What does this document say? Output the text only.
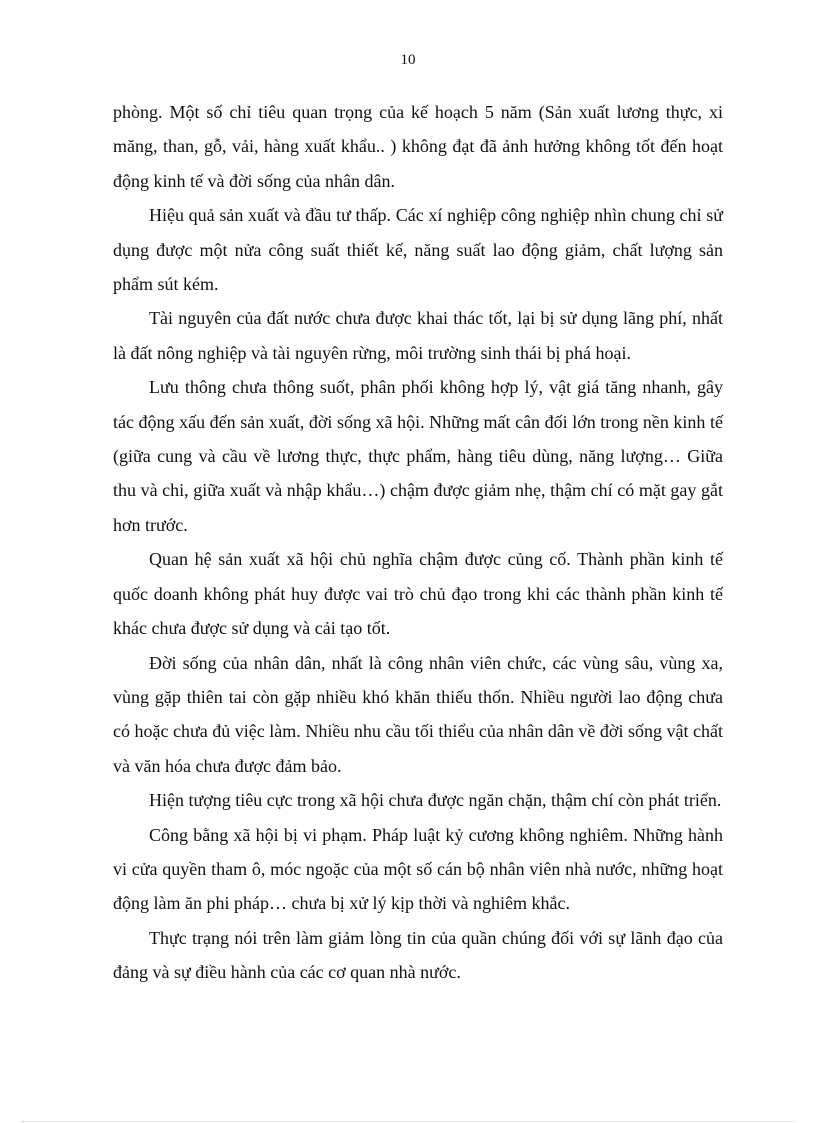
10

phòng. Một số chỉ tiêu quan trọng của kế hoạch 5 năm (Sản xuất lương thực, xi măng, than, gỗ, vải, hàng xuất khẩu.. ) không đạt đã ảnh hưởng không tốt đến hoạt động kinh tế và đời sống của nhân dân.

Hiệu quả sản xuất và đầu tư thấp. Các xí nghiệp công nghiệp nhìn chung chỉ sử dụng được một nửa công suất thiết kế, năng suất lao động giảm, chất lượng sản phẩm sút kém.

Tài nguyên của đất nước chưa được khai thác tốt, lại bị sử dụng lãng phí, nhất là đất nông nghiệp và tài nguyên rừng, môi trường sinh thái bị phá hoại.

Lưu thông chưa thông suốt, phân phối không hợp lý, vật giá tăng nhanh, gây tác động xấu đến sản xuất, đời sống xã hội. Những mất cân đối lớn trong nền kinh tế (giữa cung và cầu về lương thực, thực phẩm, hàng tiêu dùng, năng lượng… Giữa thu và chi, giữa xuất và nhập khẩu…) chậm được giảm nhẹ, thậm chí có mặt gay gắt hơn trước.

Quan hệ sản xuất xã hội chủ nghĩa chậm được củng cố. Thành phần kinh tế quốc doanh không phát huy được vai trò chủ đạo trong khi các thành phần kinh tế khác chưa được sử dụng và cải tạo tốt.

Đời sống của nhân dân, nhất là công nhân viên chức, các vùng sâu, vùng xa, vùng gặp thiên tai còn gặp nhiều khó khăn thiếu thốn. Nhiều người lao động chưa có hoặc chưa đủ việc làm. Nhiều nhu cầu tối thiểu của nhân dân về đời sống vật chất và văn hóa chưa được đảm bảo.

Hiện tượng tiêu cực trong xã hội chưa được ngăn chặn, thậm chí còn phát triển.

Công bằng xã hội bị vi phạm. Pháp luật kỷ cương không nghiêm. Những hành vi cửa quyền tham ô, móc ngoặc của một số cán bộ nhân viên nhà nước, những hoạt động làm ăn phi pháp… chưa bị xử lý kịp thời và nghiêm khắc.

Thực trạng nói trên làm giảm lòng tin của quần chúng đối với sự lãnh đạo của đảng và sự điều hành của các cơ quan nhà nước.
